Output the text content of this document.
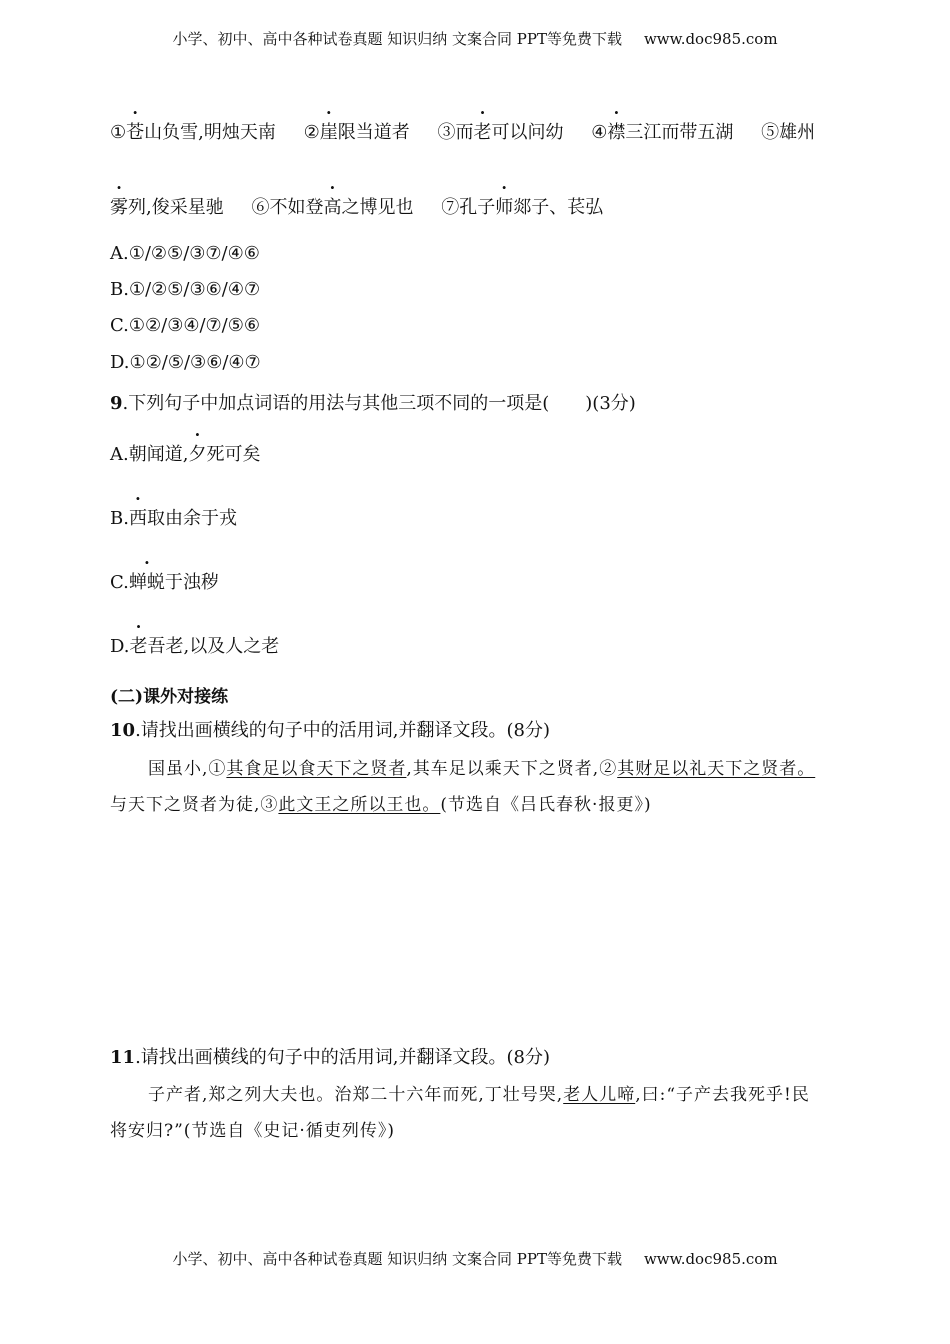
小学、初中、高中各种试卷真题 知识归纳 文案合同 PPT等免费下载 www.doc985.com
①苍山负雪,明烛天南 ②崖限当道者 ③而老可以问幼 ④襟三江而带五湖 ⑤雄州
雾列,俊采星驰 ⑥不如登高之博见也 ⑦孔子师郯子、苌弘
A.①/②⑤/③⑦/④⑥
B.①/②⑤/③⑥/④⑦
C.①②/③④/⑦/⑤⑥
D.①②/⑤/③⑥/④⑦
9.下列句子中加点词语的用法与其他三项不同的一项是(　　)(3分)
A.朝闻道,夕死可矣
B.西取由余于戎
C.蝉蜕于浊秽
D.老吾老,以及人之老
(二)课外对接练
10.请找出画横线的句子中的活用词,并翻译文段。(8分)
国虽小,①其食足以食天下之贤者,其车足以乘天下之贤者,②其财足以礼天下之贤者。
与天下之贤者为徒,③此文王之所以王也。(节选自《吕氏春秋·报更》)
11.请找出画横线的句子中的活用词,并翻译文段。(8分)
子产者,郑之列大夫也。治郑二十六年而死,丁壮号哭,老人儿啼,曰:“子产去我死乎!民
将安归?”(节选自《史记·循吏列传》)
小学、初中、高中各种试卷真题 知识归纳 文案合同 PPT等免费下载 www.doc985.com
